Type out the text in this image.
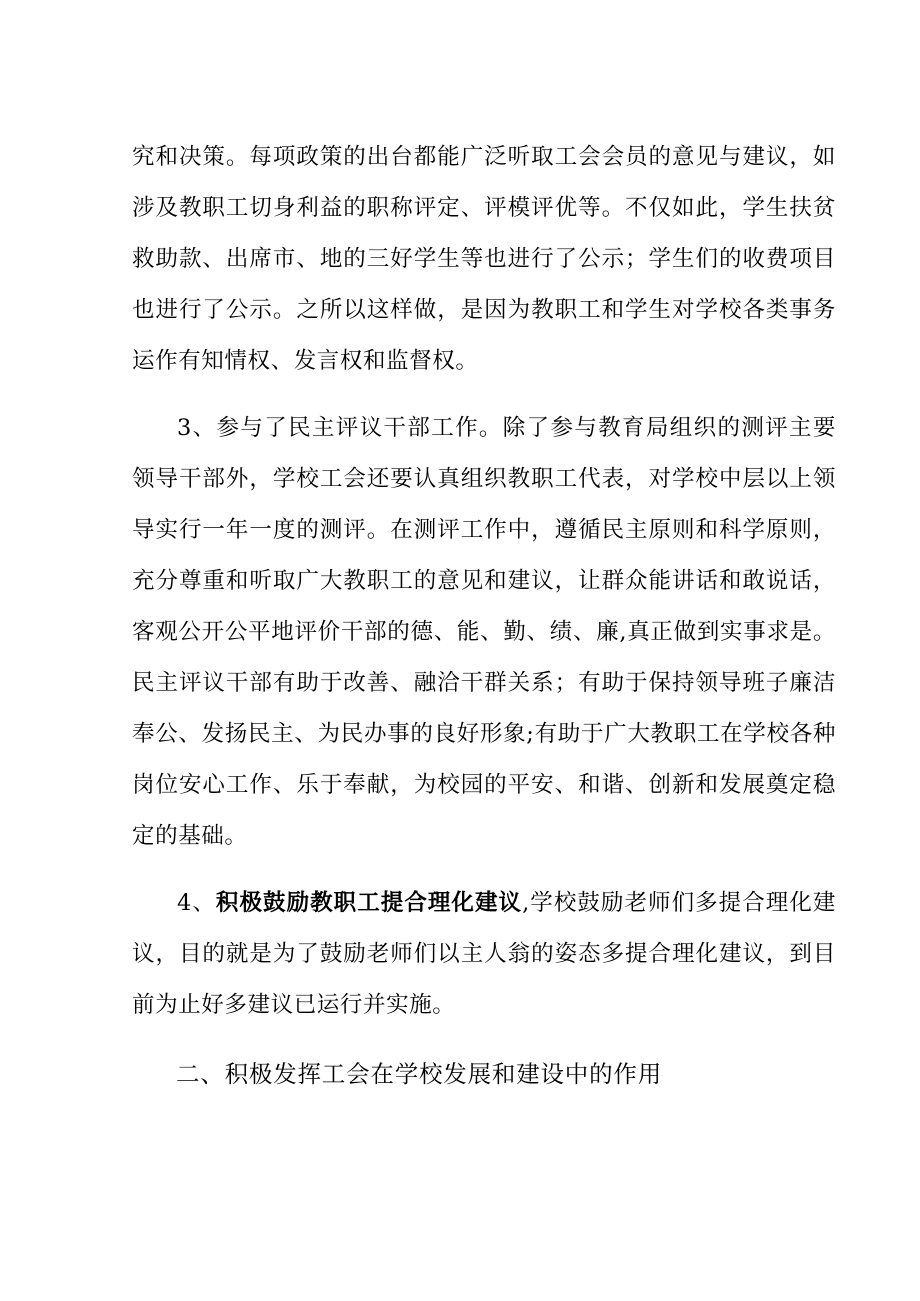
究和决策。每项政策的出台都能广泛听取工会会员的意见与建议，如涉及教职工切身利益的职称评定、评模评优等。不仅如此，学生扶贫救助款、出席市、地的三好学生等也进行了公示；学生们的收费项目也进行了公示。之所以这样做，是因为教职工和学生对学校各类事务运作有知情权、发言权和监督权。

3、参与了民主评议干部工作。除了参与教育局组织的测评主要领导干部外，学校工会还要认真组织教职工代表，对学校中层以上领导实行一年一度的测评。在测评工作中，遵循民主原则和科学原则，充分尊重和听取广大教职工的意见和建议，让群众能讲话和敢说话，客观公开公平地评价干部的德、能、勤、绩、廉,真正做到实事求是。民主评议干部有助于改善、融洽干群关系；有助于保持领导班子廉洁奉公、发扬民主、为民办事的良好形象;有助于广大教职工在学校各种岗位安心工作、乐于奉献，为校园的平安、和谐、创新和发展奠定稳定的基础。

4、积极鼓励教职工提合理化建议,学校鼓励老师们多提合理化建议，目的就是为了鼓励老师们以主人翁的姿态多提合理化建议，到目前为止好多建议已运行并实施。

二、积极发挥工会在学校发展和建设中的作用
